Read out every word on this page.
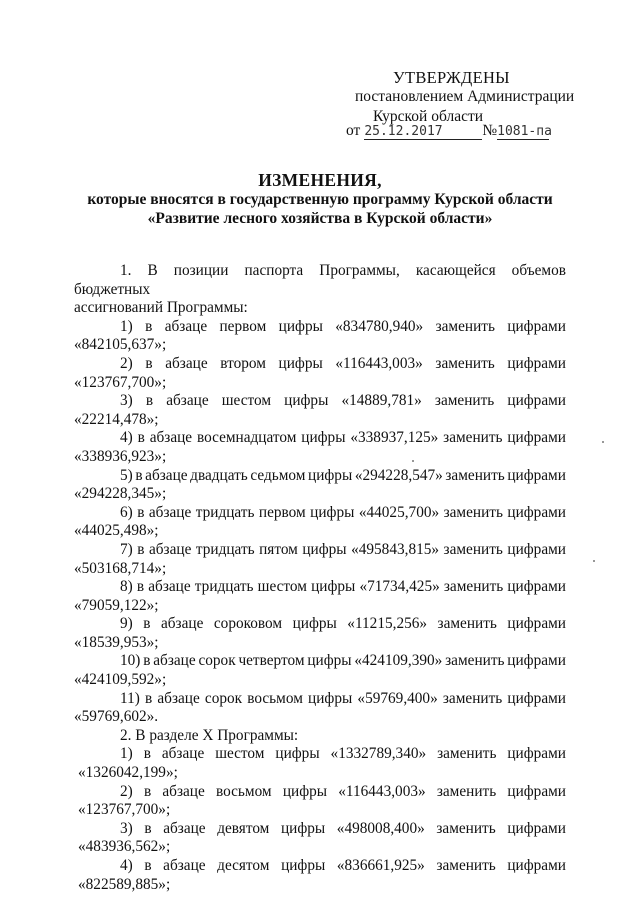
УТВЕРЖДЕНЫ
постановлением Администрации
Курской области
от 25.12.2017	№1081-па
ИЗМЕНЕНИЯ,
которые вносятся в государственную программу Курской области
«Развитие лесного хозяйства в Курской области»

1. В позиции паспорта Программы, касающейся объемов бюджетных

ассигнований Программы:

1) в абзаце первом цифры «834780,940» заменить цифрами
«842105,637»;
2) в абзаце втором цифры «116443,003» заменить цифрами
«123767,700»;
3) в абзаце шестом цифры «14889,781» заменить цифрами
«22214,478»;
4) в абзаце восемнадцатом цифры «338937,125» заменить цифрами
«338936,923»;
5) в абзаце двадцать седьмом цифры «294228,547» заменить цифрами
«294228,345»;
6) в абзаце тридцать первом цифры «44025,700» заменить цифрами
«44025,498»;
7) в абзаце тридцать пятом цифры «495843,815» заменить цифрами
«503168,714»;
8) в абзаце тридцать шестом цифры «71734,425» заменить цифрами
«79059,122»;
9) в абзаце сороковом цифры «11215,256» заменить цифрами
«18539,953»;
10) в абзаце сорок четвертом цифры «424109,390» заменить цифрами
«424109,592»;
11) в абзаце сорок восьмом цифры «59769,400» заменить цифрами
«59769,602».

2. В разделе X Программы:

1) в абзаце шестом цифры «1332789,340» заменить цифрами
«1326042,199»;
2) в абзаце восьмом цифры «116443,003» заменить цифрами
«123767,700»;
3) в абзаце девятом цифры «498008,400» заменить цифрами
«483936,562»;
4) в абзаце десятом цифры «836661,925» заменить цифрами
«822589,885»;
